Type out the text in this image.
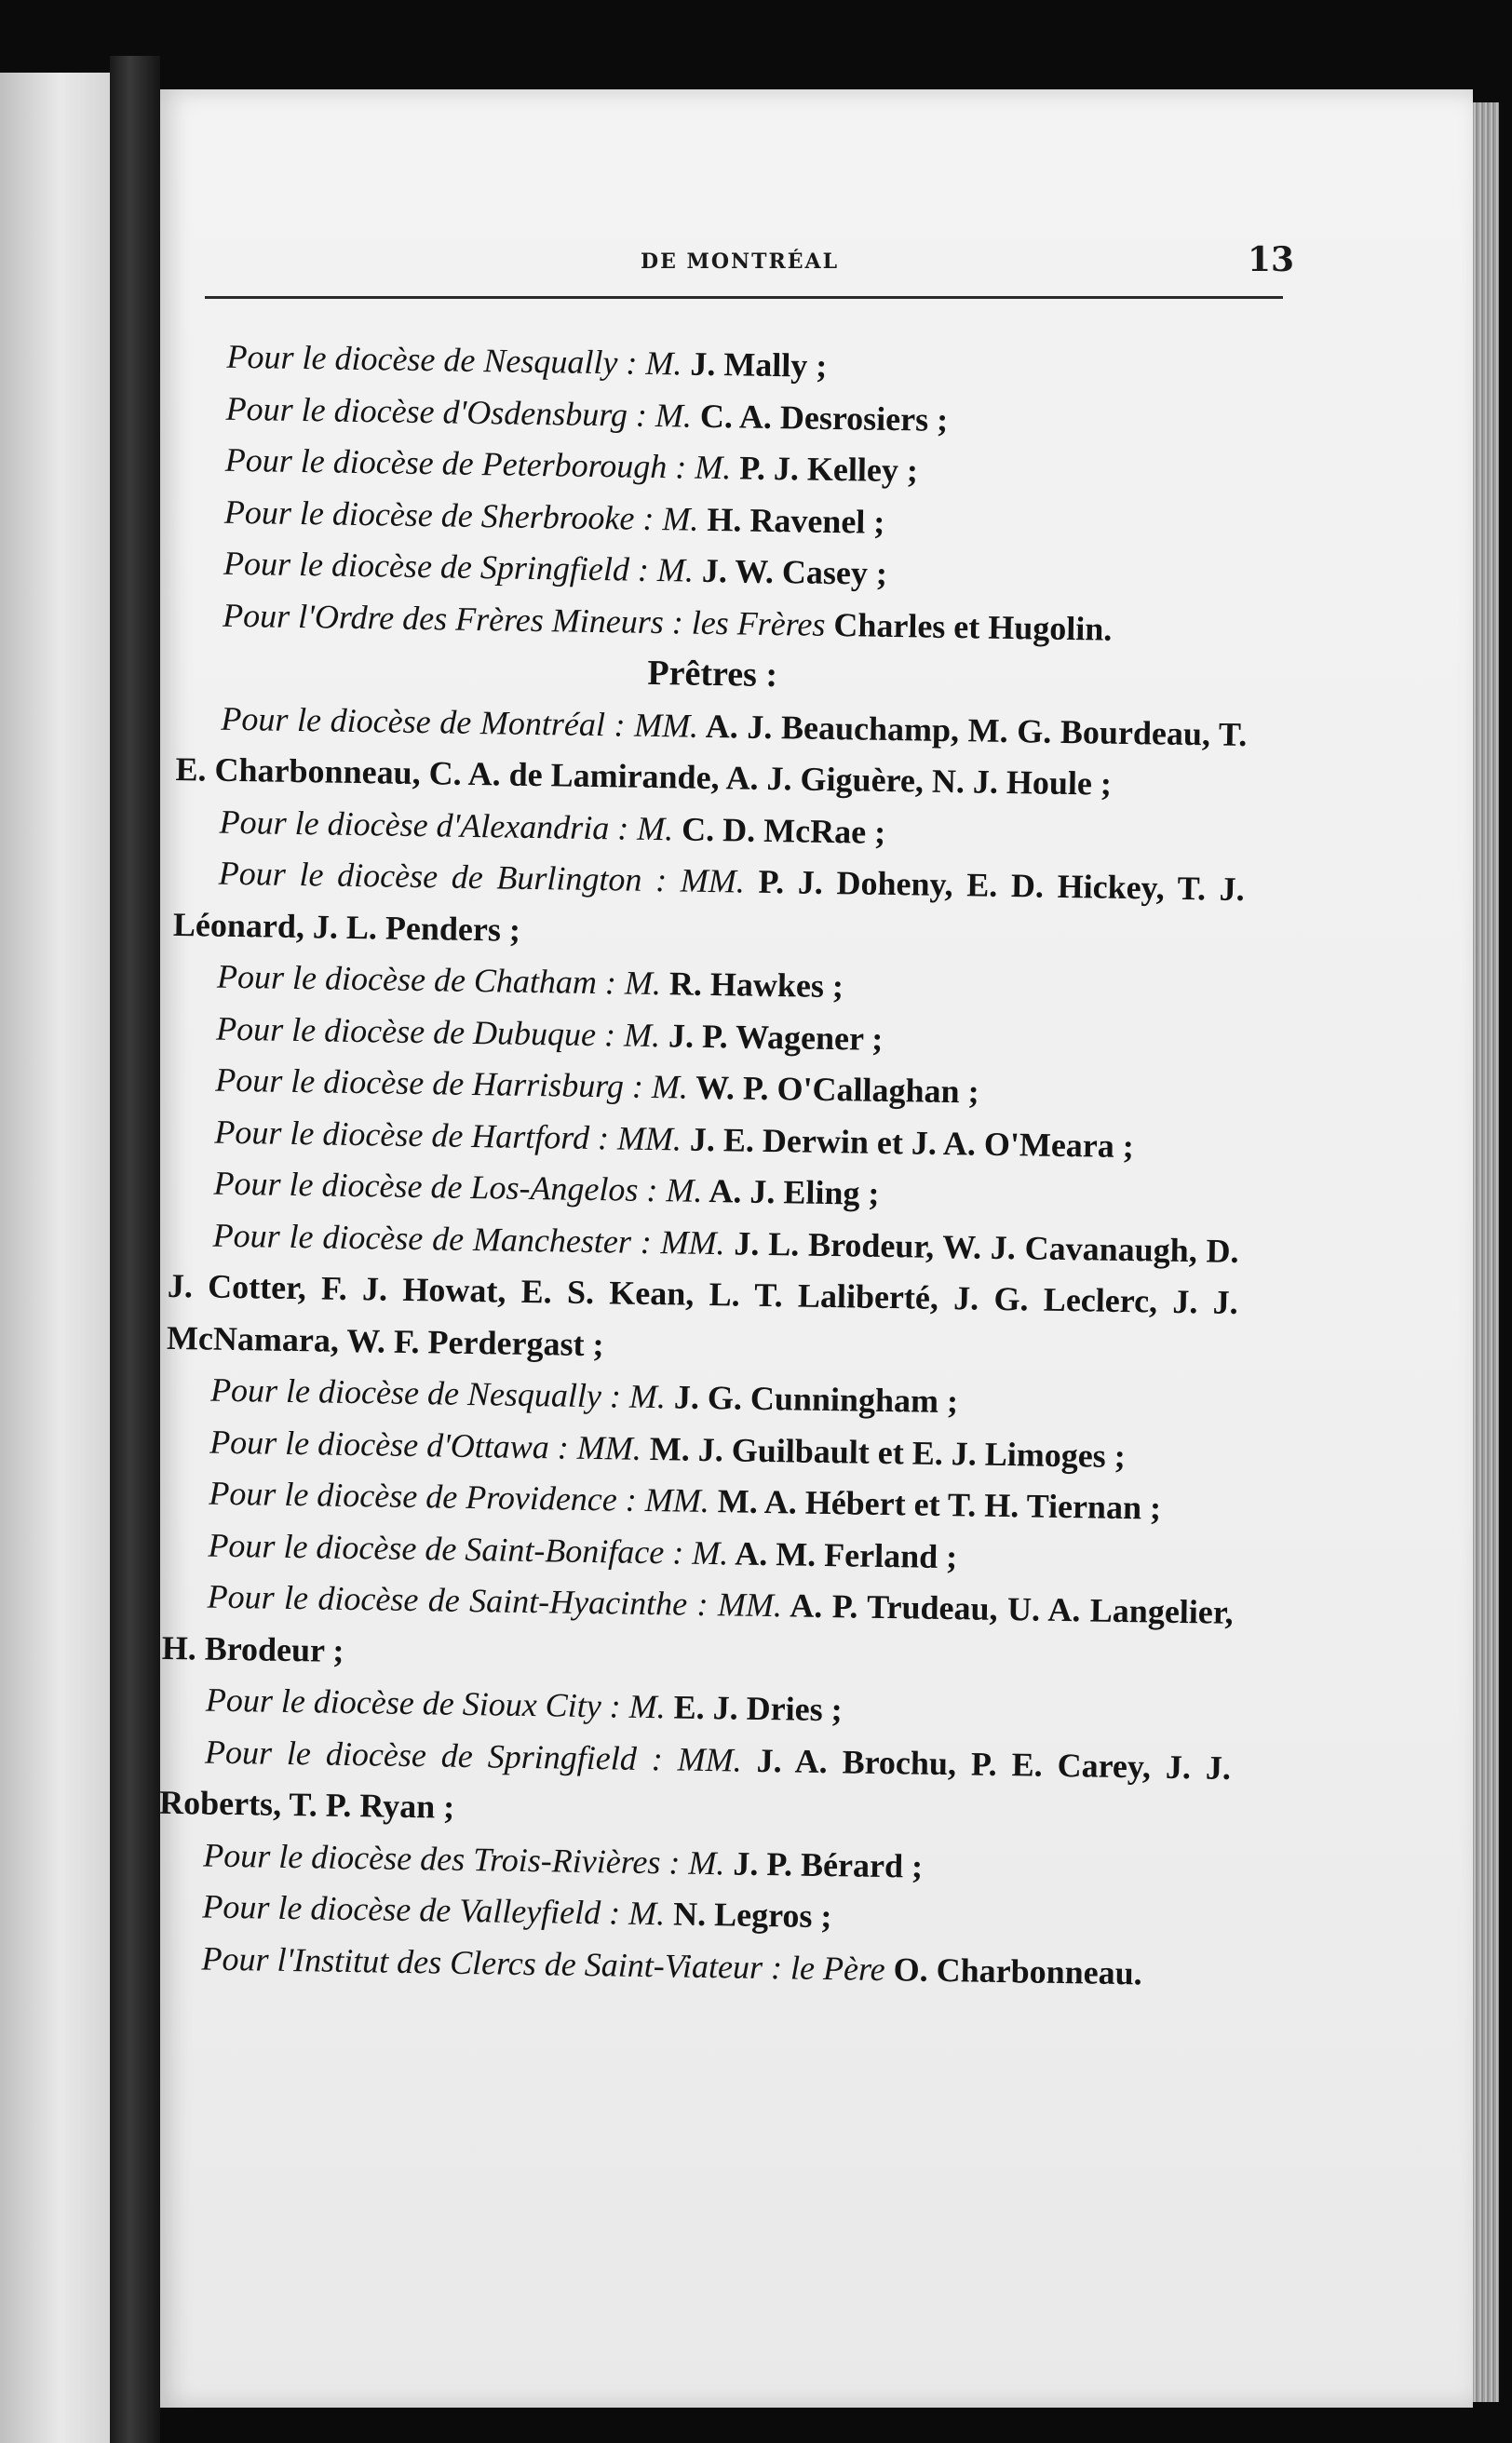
DE MONTRÉAL	13

Pour le diocèse de Nesqually : M. J. Mally ;

Pour le diocèse d'Osdensburg : M. C. A. Desrosiers ;

Pour le diocèse de Peterborough : M. P. J. Kelley ;

Pour le diocèse de Sherbrooke : M. H. Ravenel ;

Pour le diocèse de Springfield : M. J. W. Casey ;

Pour l'Ordre des Frères Mineurs : les Frères Charles et Hugolin.

Prêtres :

Pour le diocèse de Montréal : MM. A. J. Beauchamp, M. G. Bourdeau, T. E. Charbonneau, C. A. de Lamirande, A. J. Giguère, N. J. Houle ;

Pour le diocèse d'Alexandria : M. C. D. McRae ;

Pour le diocèse de Burlington : MM. P. J. Doheny, E. D. Hickey, T. J. Léonard, J. L. Penders ;

Pour le diocèse de Chatham : M. R. Hawkes ;

Pour le diocèse de Dubuque : M. J. P. Wagener ;

Pour le diocèse de Harrisburg : M. W. P. O'Callaghan ;

Pour le diocèse de Hartford : MM. J. E. Derwin et J. A. O'Meara ;

Pour le diocèse de Los-Angelos : M. A. J. Eling ;

Pour le diocèse de Manchester : MM. J. L. Brodeur, W. J. Cavanaugh, D. J. Cotter, F. J. Howat, E. S. Kean, L. T. Laliberté, J. G. Leclerc, J. J. McNamara, W. F. Perdergast ;

Pour le diocèse de Nesqually : M. J. G. Cunningham ;

Pour le diocèse d'Ottawa : MM. M. J. Guilbault et E. J. Limoges ;

Pour le diocèse de Providence : MM. M. A. Hébert et T. H. Tiernan ;

Pour le diocèse de Saint-Boniface : M. A. M. Ferland ;

Pour le diocèse de Saint-Hyacinthe : MM. A. P. Trudeau, U. A. Langelier, H. Brodeur ;

Pour le diocèse de Sioux City : M. E. J. Dries ;

Pour le diocèse de Springfield : MM. J. A. Brochu, P. E. Carey, J. J. Roberts, T. P. Ryan ;

Pour le diocèse des Trois-Rivières : M. J. P. Bérard ;

Pour le diocèse de Valleyfield : M. N. Legros ;

Pour l'Institut des Clercs de Saint-Viateur : le Père O. Charbonneau.
